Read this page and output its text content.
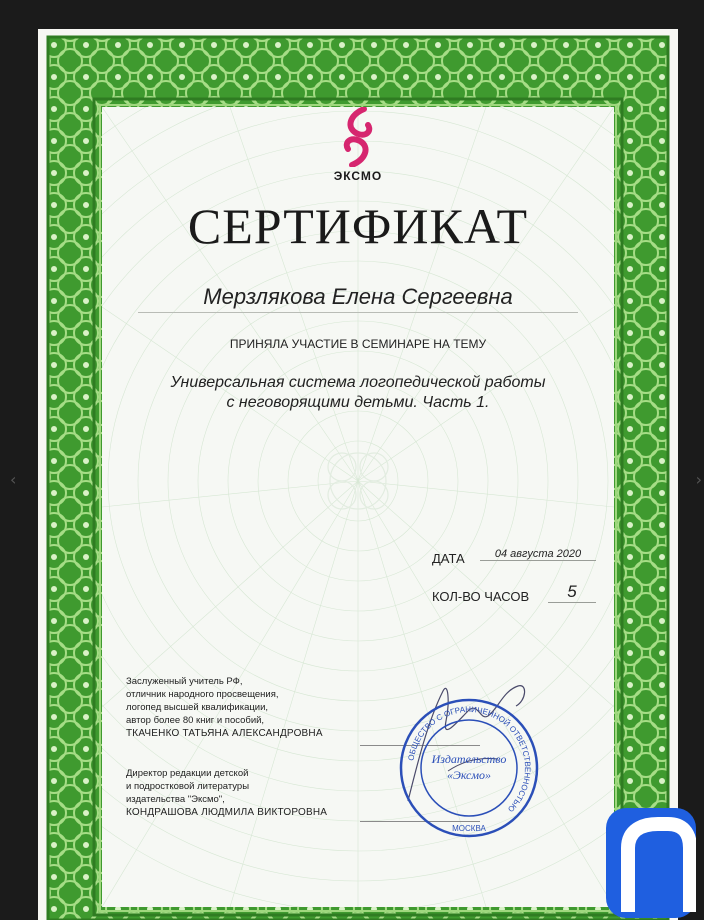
‹	›
ЭКСМО
СЕРТИФИКАТ
Мерзлякова Елена Сергеевна
ПРИНЯЛА УЧАСТИЕ В СЕМИНАРЕ НА ТЕМУ
Универсальная система логопедической работы
с неговорящими детьми. Часть 1.
ДАТА	04 августа 2020
КОЛ-ВО ЧАСОВ	5
Заслуженный учитель РФ,
отличник народного просвещения,
логопед высшей квалификации,
автор более 80 книг и пособий,
ТКАЧЕНКО ТАТЬЯНА АЛЕКСАНДРОВНА
Директор редакции детской
и подростковой литературы
издательства "Эксмо",
КОНДРАШОВА ЛЮДМИЛА ВИКТОРОВНА
ОБЩЕСТВО С ОГРАНИЧЕННОЙ ОТВЕТСТВЕННОСТЬЮ
Издательство
«Эксмо»
МОСКВА
